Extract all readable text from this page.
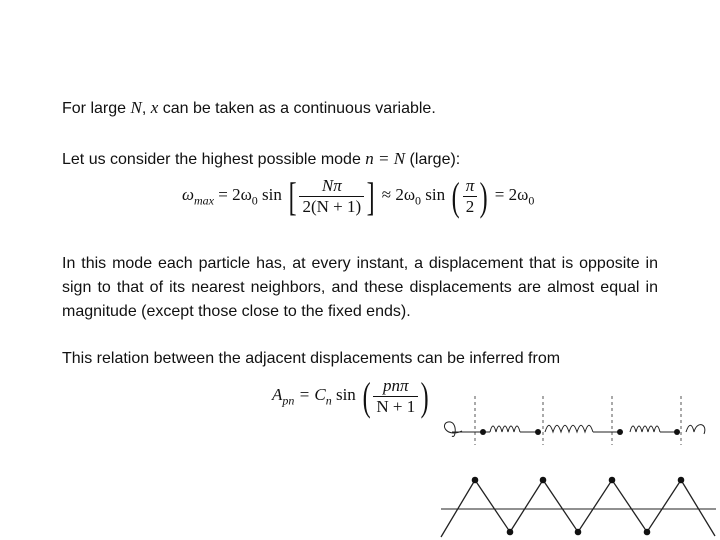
For large N, x can be taken as a continuous variable.
Let us consider the highest possible mode n = N (large):
$\omega_{max} = 2\omega_0$ sin [ $\frac{N\pi}{2(N + 1)}$ ] ≈ $2\omega_0$ sin ( $\frac{\pi}{2}$ ) = $2\omega_0$
In this mode each particle has, at every instant, a displacement that is opposite in sign to that of its nearest neighbors, and these displacements are almost equal in magnitude (except those close to the fixed ends).
This relation between the adjacent displacements can be inferred from
$A_{pn} = C_n$ sin ( $\frac{\text{pnπ}}{N + 1}$ )
